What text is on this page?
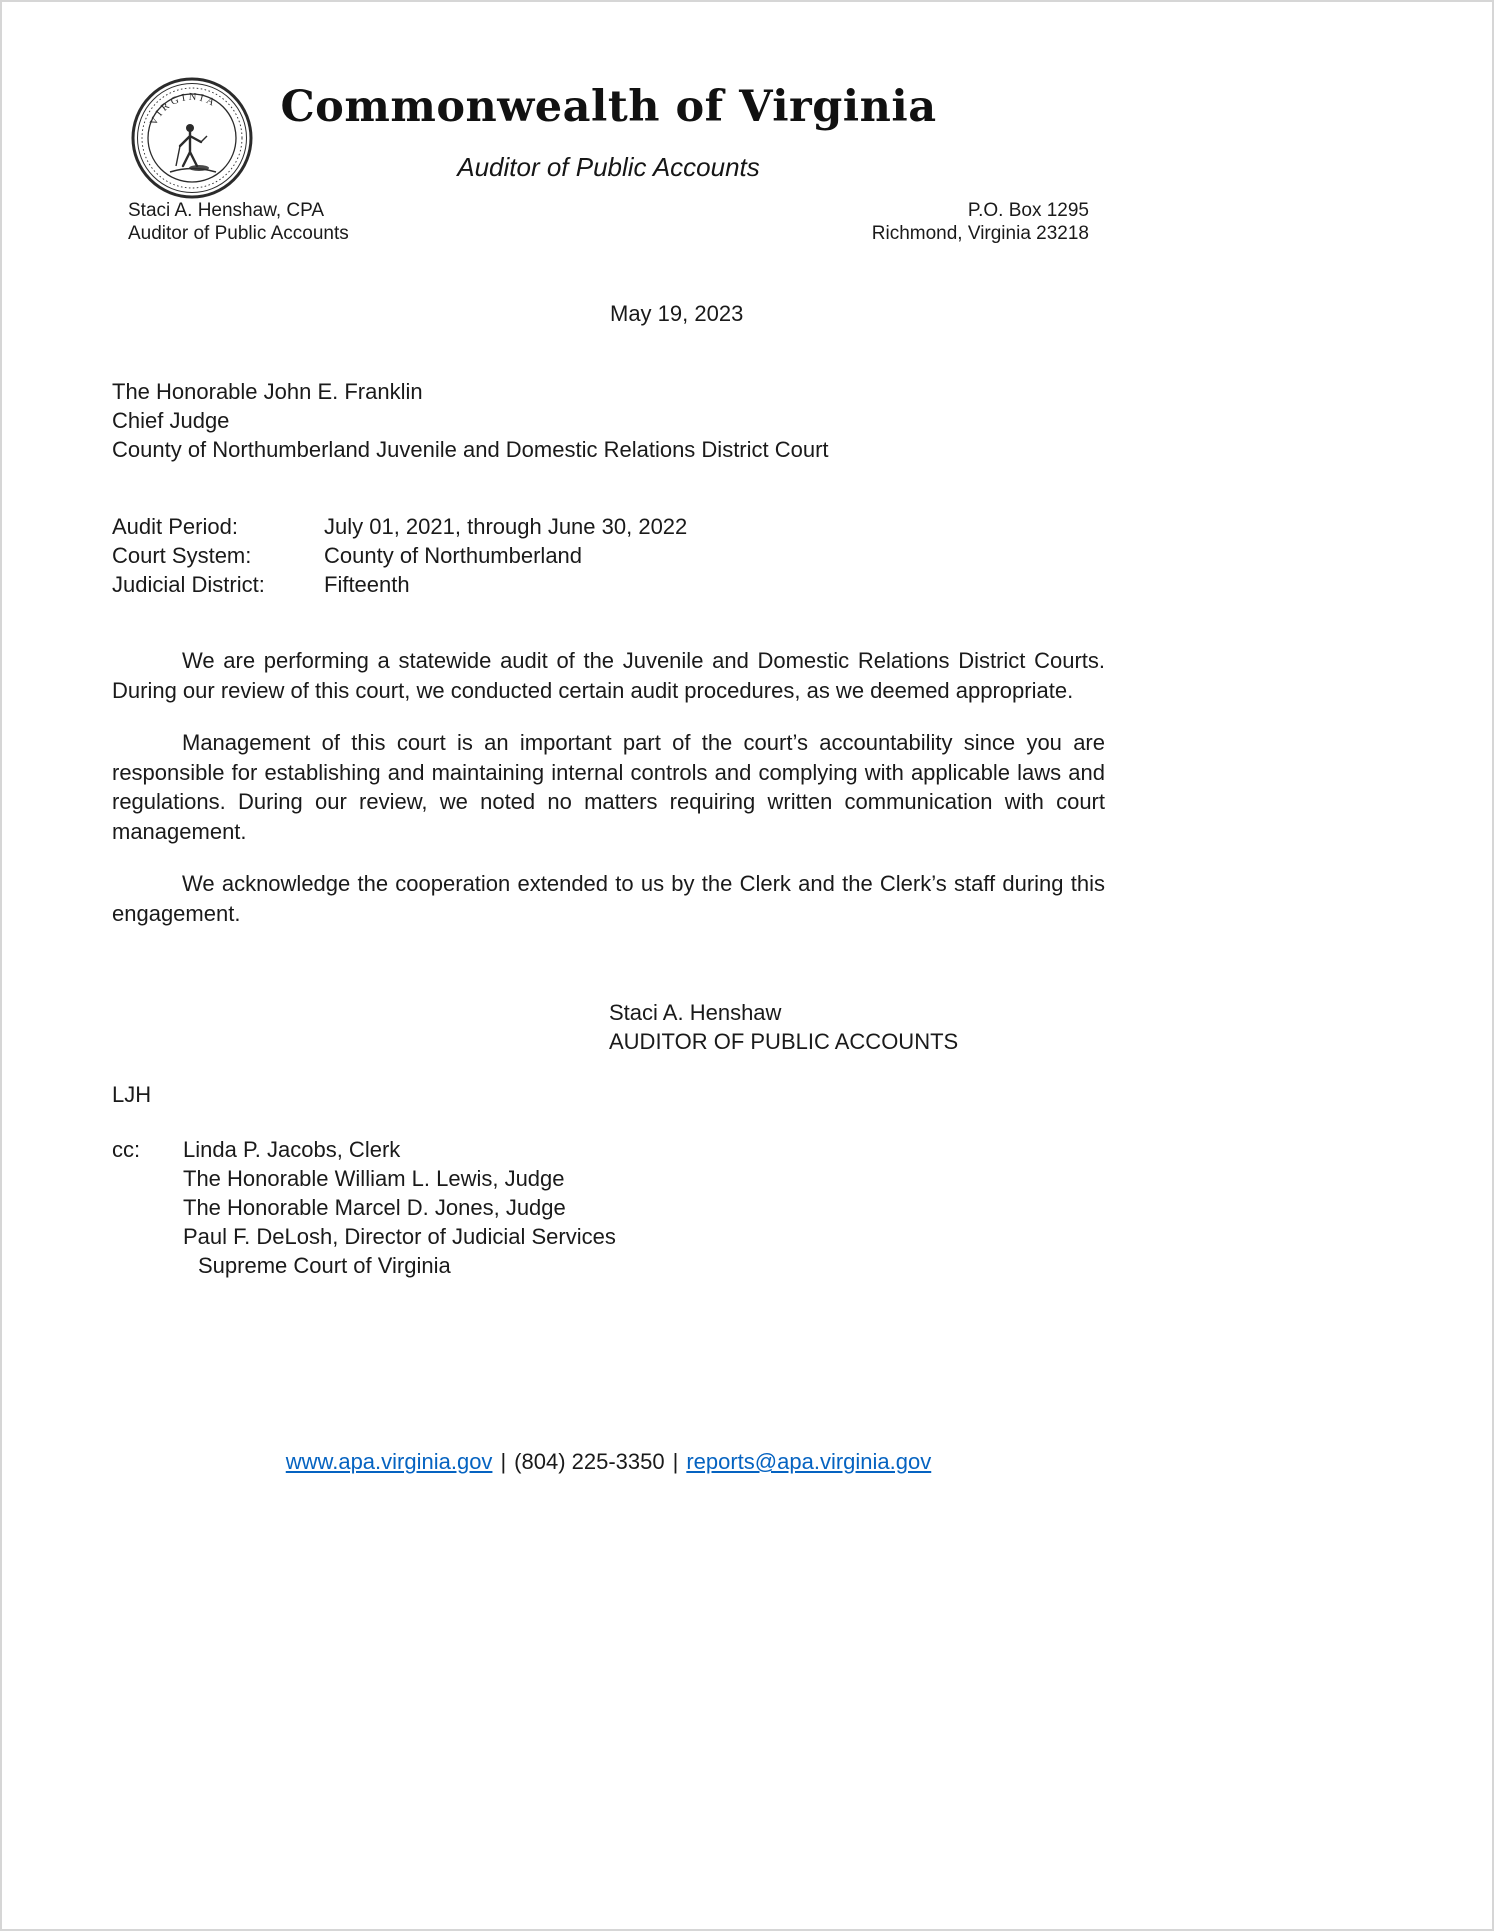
VIRGINIA	Commonwealth of Virginia
Auditor of Public Accounts
Staci A. Henshaw, CPA
Auditor of Public Accounts
P.O. Box 1295
Richmond, Virginia 23218
May 19, 2023
The Honorable John E. Franklin
Chief Judge
County of Northumberland Juvenile and Domestic Relations District Court
Audit Period:	July 01, 2021, through June 30, 2022
Court System:	County of Northumberland
Judicial District:	Fifteenth

We are performing a statewide audit of the Juvenile and Domestic Relations District Courts. During our review of this court, we conducted certain audit procedures, as we deemed appropriate.

Management of this court is an important part of the court’s accountability since you are responsible for establishing and maintaining internal controls and complying with applicable laws and regulations. During our review, we noted no matters requiring written communication with court management.

We acknowledge the cooperation extended to us by the Clerk and the Clerk’s staff during this engagement.

Staci A. Henshaw
AUDITOR OF PUBLIC ACCOUNTS
LJH
cc:	Linda P. Jacobs, Clerk
The Honorable William L. Lewis, Judge
The Honorable Marcel D. Jones, Judge
Paul F. DeLosh, Director of Judicial Services
Supreme Court of Virginia
www.apa.virginia.gov | (804) 225-3350 | reports@apa.virginia.gov
